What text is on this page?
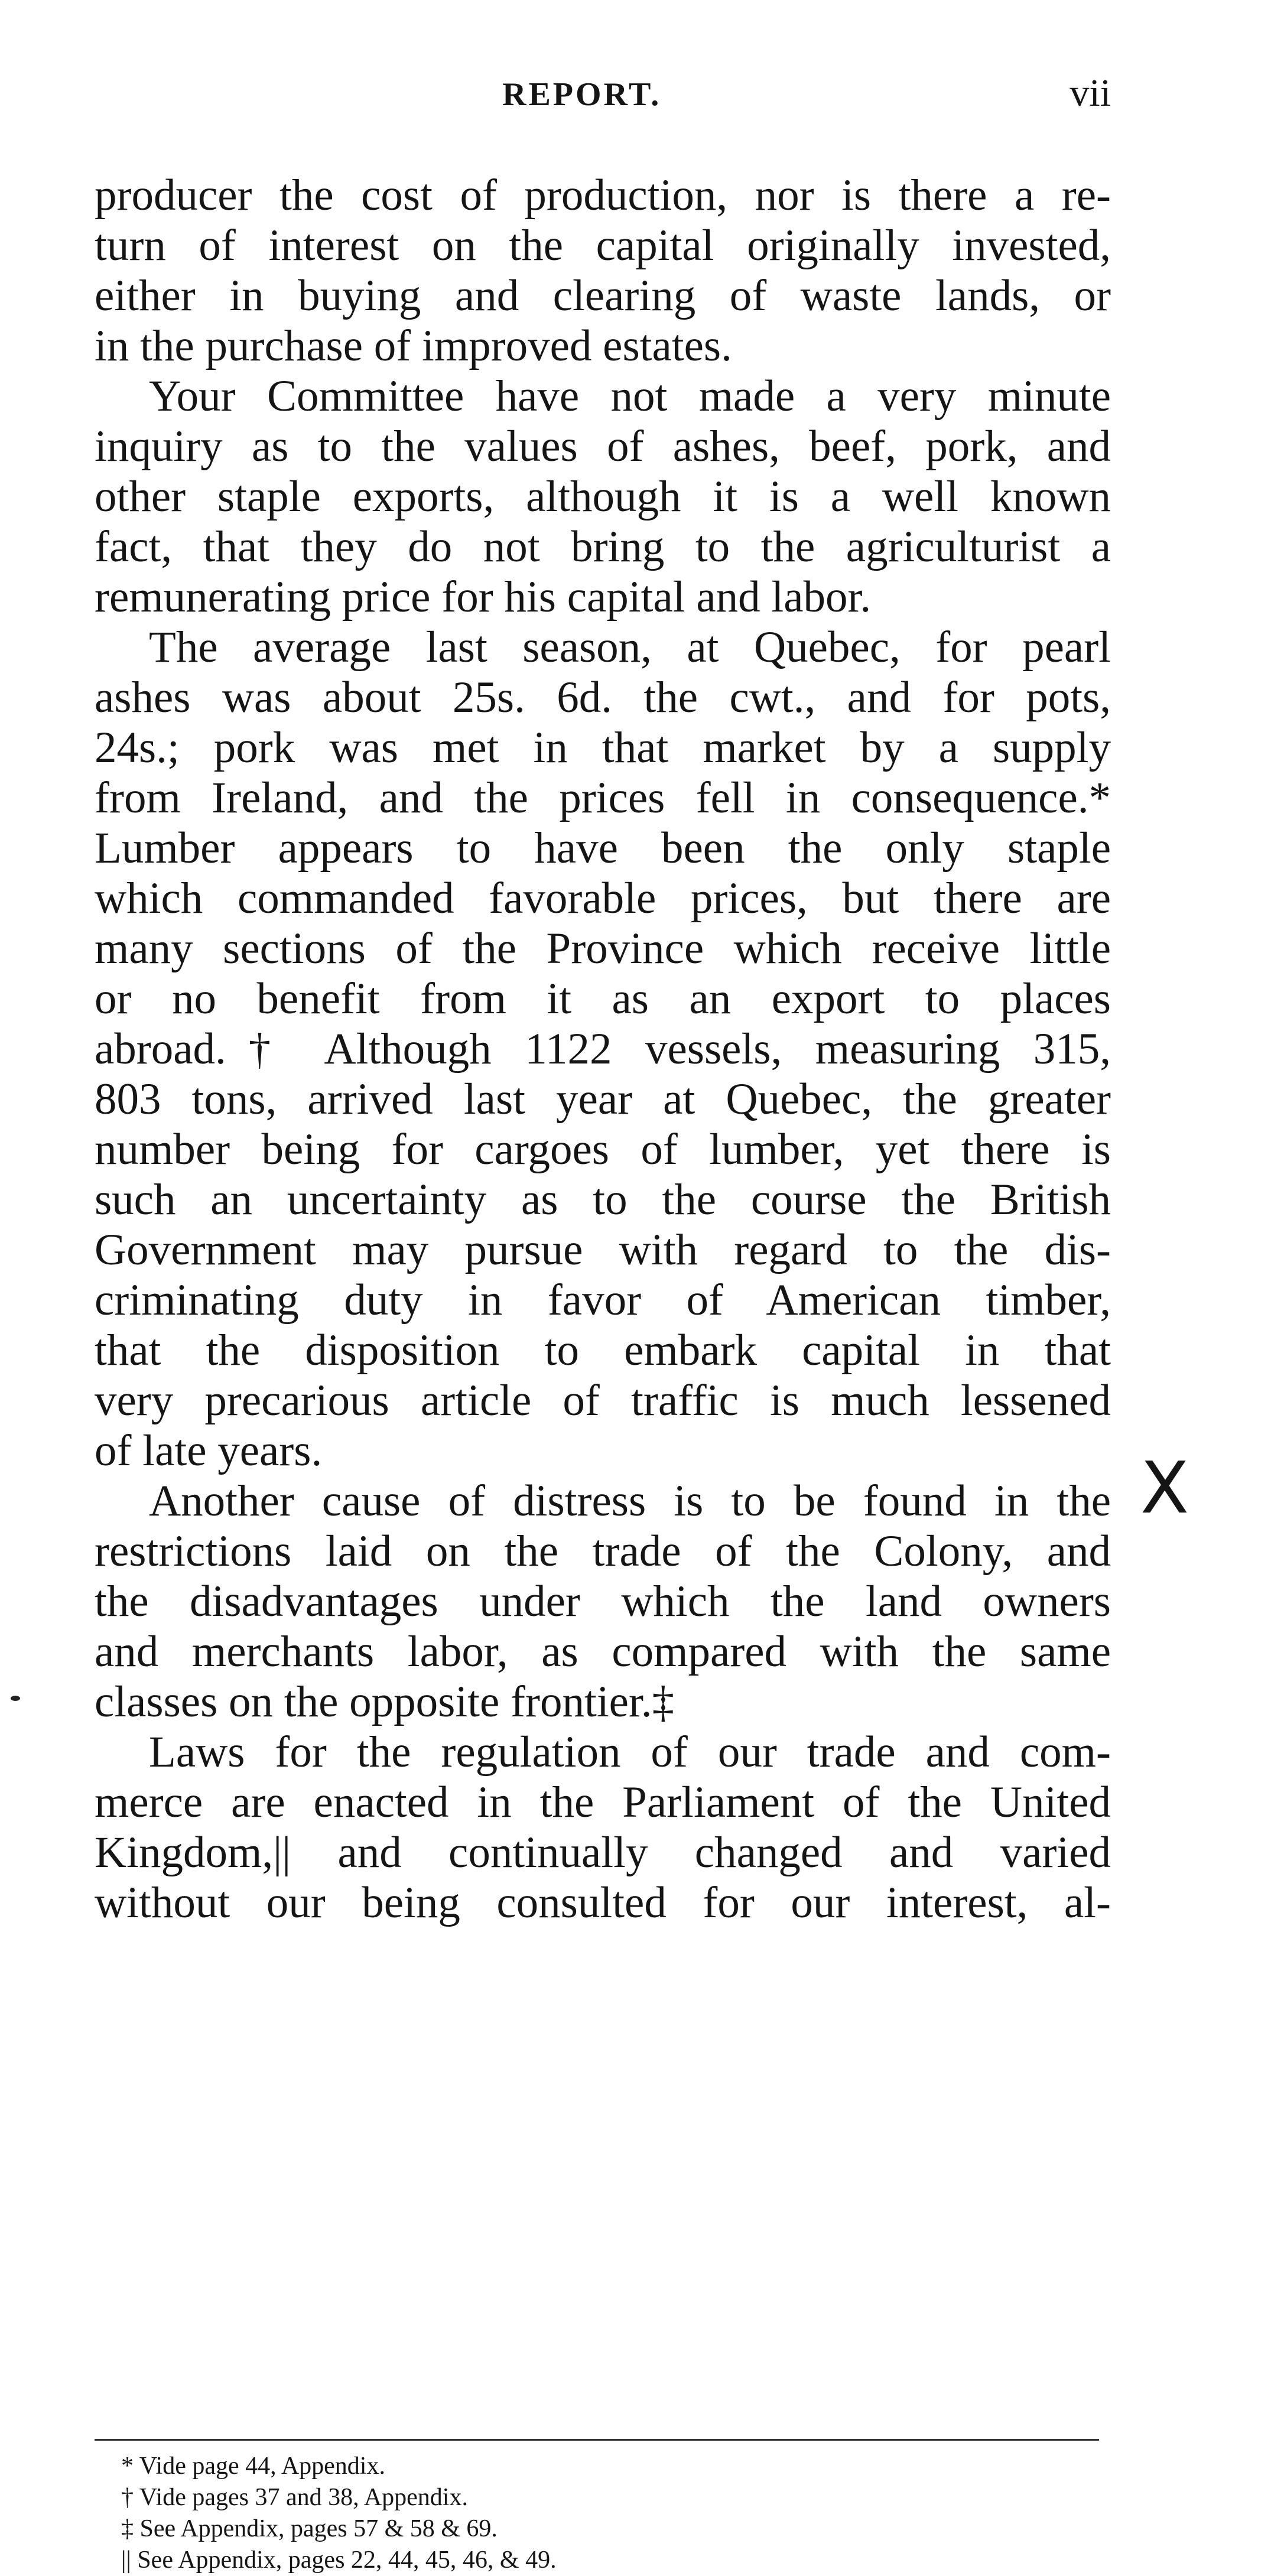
REPORT.	vii
producer the cost of production, nor is there a re-
turn of interest on the capital originally invested,
either in buying and clearing of waste lands, or
in the purchase of improved estates.
Your Committee have not made a very minute
inquiry as to the values of ashes, beef, pork, and
other staple exports, although it is a well known
fact, that they do not bring to the agriculturist a
remunerating price for his capital and labor.
The average last season, at Quebec, for pearl
ashes was about 25s. 6d. the cwt., and for pots,
24s.; pork was met in that market by a supply
from Ireland, and the prices fell in consequence.*
Lumber appears to have been the only staple
which commanded favorable prices, but there are
many sections of the Province which receive little
or no benefit from it as an export to places
abroad.† Although 1122 vessels, measuring 315,
803 tons, arrived last year at Quebec, the greater
number being for cargoes of lumber, yet there is
such an uncertainty as to the course the British
Government may pursue with regard to the dis-
criminating duty in favor of American timber,
that the disposition to embark capital in that
very precarious article of traffic is much lessened
of late years.
Another cause of distress is to be found in the
restrictions laid on the trade of the Colony, and
the disadvantages under which the land owners
and merchants labor, as compared with the same
classes on the opposite frontier.‡
Laws for the regulation of our trade and com-
merce are enacted in the Parliament of the United
Kingdom,|| and continually changed and varied
without our being consulted for our interest, al-
X
* Vide page 44, Appendix.
† Vide pages 37 and 38, Appendix.
‡ See Appendix, pages 57 & 58 & 69.
|| See Appendix, pages 22, 44, 45, 46, & 49.
